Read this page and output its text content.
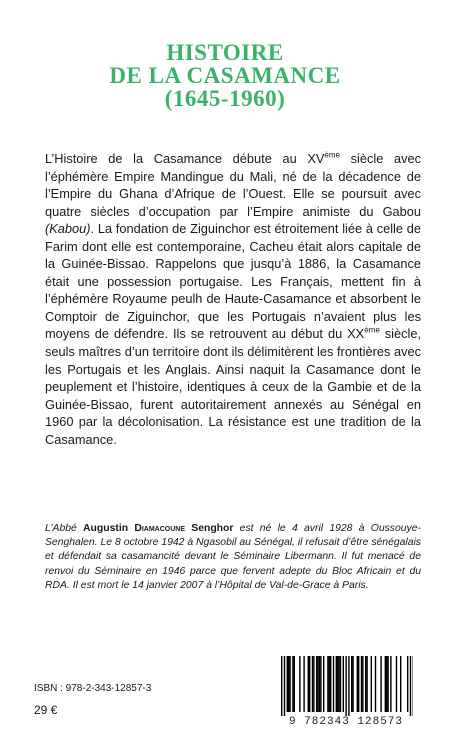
HISTOIRE
DE LA CASAMANCE
(1645-1960)

L’Histoire de la Casamance débute au XVème siècle avec l’éphémère Empire Mandingue du Mali, né de la décadence de l’Empire du Ghana d’Afrique de l’Ouest. Elle se poursuit avec quatre siècles d’occupation par l’Empire animiste du Gabou (Kabou). La fondation de Ziguinchor est étroitement liée à celle de Farim dont elle est contemporaine, Cacheu était alors capitale de la Guinée-Bissao. Rappelons que jusqu’à 1886, la Casamance était une possession portugaise. Les Français, mettent fin à l’éphémère Royaume peulh de Haute-Casamance et absorbent le Comptoir de Ziguinchor, que les Portugais n’avaient plus les moyens de défendre. Ils se retrouvent au début du XXème siècle, seuls maîtres d’un territoire dont ils délimitèrent les frontières avec les Portugais et les Anglais. Ainsi naquit la Casamance dont le peuplement et l’histoire, identiques à ceux de la Gambie et de la Guinée-Bissao, furent autoritairement annexés au Sénégal en 1960 par la décolonisation. La résistance est une tradition de la Casamance.

L’Abbé Augustin Diamacoune Senghor est né le 4 avril 1928 à Oussouye-Senghalen. Le 8 octobre 1942 à Ngasobil au Sénégal, il refusait d’être sénégalais et défendait sa casamancité devant le Séminaire Libermann. Il fut menacé de renvoi du Séminaire en 1946 parce que fervent adepte du Bloc Africain et du RDA. Il est mort le 14 janvier 2007 à l’Hôpital de Val-de-Grace à Paris.

ISBN : 978-2-343-12857-3
29 €
9 782343 128573
